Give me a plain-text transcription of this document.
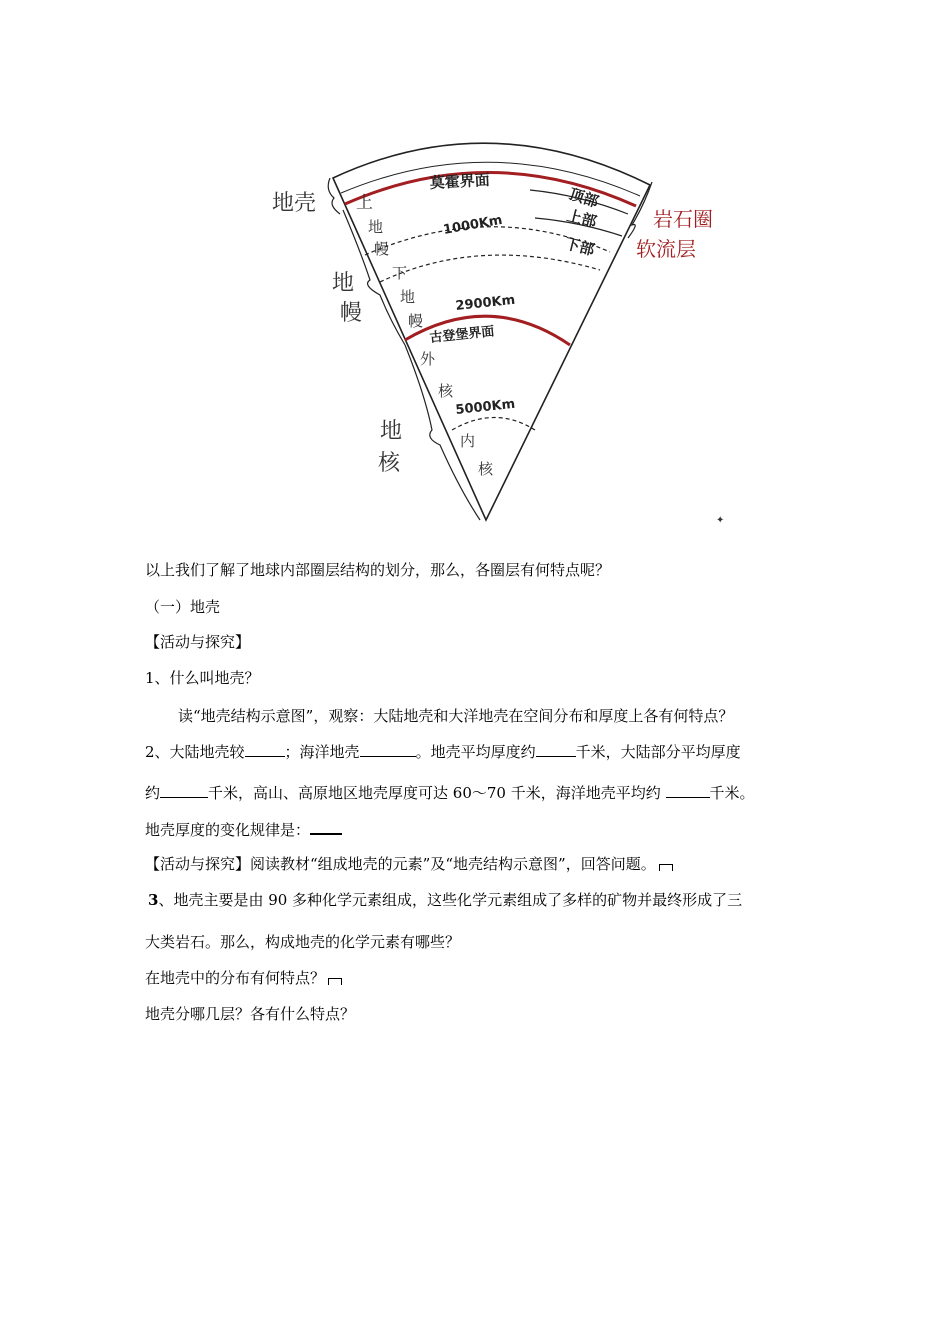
地壳
地
幔
地
核
上
地
幔
下
地
幔
外
核
内
核
莫霍界面
古登堡界面
1000Km
2900Km
5000Km
顶部
上部
下部
岩石圈
软流层
✦
以上我们了解了地球内部圈层结构的划分，那么，各圈层有何特点呢？
（一）地壳
【活动与探究】
1、什么叫地壳？
读“地壳结构示意图”，观察：大陆地壳和大洋地壳在空间分布和厚度上各有何特点？
2、大陆地壳较	；海洋地壳	。地壳平均厚度约	千米，大陆部分平均厚度
约	千米，高山、高原地区地壳厚度可达 60～70 千米，海洋地壳平均约	千米。
地壳厚度的变化规律是：
【活动与探究】阅读教材“组成地壳的元素”及“地壳结构示意图”，回答问题。
3、地壳主要是由 90 多种化学元素组成，这些化学元素组成了多样的矿物并最终形成了三
大类岩石。那么，构成地壳的化学元素有哪些？
在地壳中的分布有何特点？
地壳分哪几层？各有什么特点？
